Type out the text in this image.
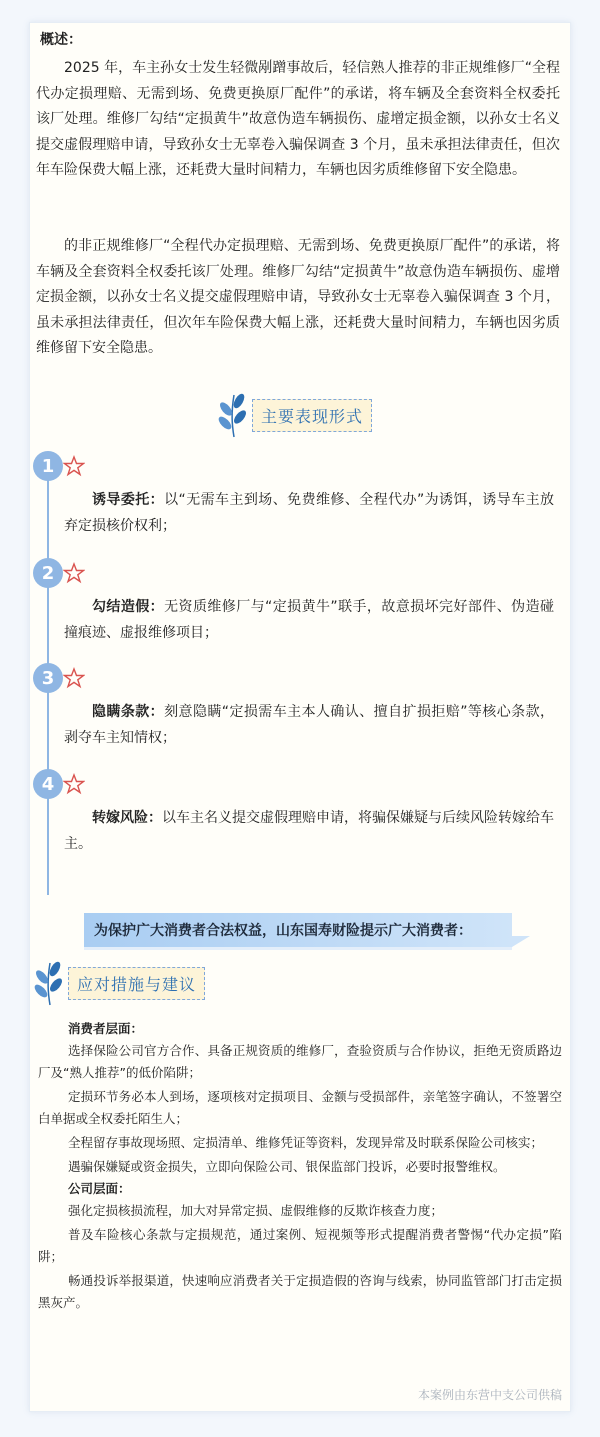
概述：

2025 年，车主孙女士发生轻微剐蹭事故后，轻信熟人推荐的非正规维修厂“全程代办定损理赔、无需到场、免费更换原厂配件”的承诺，将车辆及全套资料全权委托该厂处理。维修厂勾结“定损黄牛”故意伪造车辆损伤、虚增定损金额，以孙女士名义提交虚假理赔申请，导致孙女士无辜卷入骗保调查 3 个月，虽未承担法律责任，但次年车险保费大幅上涨，还耗费大量时间精力，车辆也因劣质维修留下安全隐患。

的非正规维修厂“全程代办定损理赔、无需到场、免费更换原厂配件”的承诺，将车辆及全套资料全权委托该厂处理。维修厂勾结“定损黄牛”故意伪造车辆损伤、虚增定损金额，以孙女士名义提交虚假理赔申请，导致孙女士无辜卷入骗保调查 3 个月，虽未承担法律责任，但次年车险保费大幅上涨，还耗费大量时间精力，车辆也因劣质维修留下安全隐患。

主要表现形式
1

诱导委托：以“无需车主到场、免费维修、全程代办”为诱饵，诱导车主放弃定损核价权利；

2

勾结造假：无资质维修厂与“定损黄牛”联手，故意损坏完好部件、伪造碰撞痕迹、虚报维修项目；

3

隐瞒条款：刻意隐瞒“定损需车主本人确认、擅自扩损拒赔”等核心条款，剥夺车主知情权；

4

转嫁风险：以车主名义提交虚假理赔申请，将骗保嫌疑与后续风险转嫁给车主。

为保护广大消费者合法权益，山东国寿财险提示广大消费者：
应对措施与建议

消费者层面：

选择保险公司官方合作、具备正规资质的维修厂，查验资质与合作协议，拒绝无资质路边厂及“熟人推荐”的低价陷阱；

定损环节务必本人到场，逐项核对定损项目、金额与受损部件，亲笔签字确认，不签署空白单据或全权委托陌生人；

全程留存事故现场照、定损清单、维修凭证等资料，发现异常及时联系保险公司核实；

遇骗保嫌疑或资金损失，立即向保险公司、银保监部门投诉，必要时报警维权。

公司层面：

强化定损核损流程，加大对异常定损、虚假维修的反欺诈核查力度；

普及车险核心条款与定损规范，通过案例、短视频等形式提醒消费者警惕“代办定损”陷阱；

畅通投诉举报渠道，快速响应消费者关于定损造假的咨询与线索，协同监管部门打击定损黑灰产。

本案例由东营中支公司供稿
